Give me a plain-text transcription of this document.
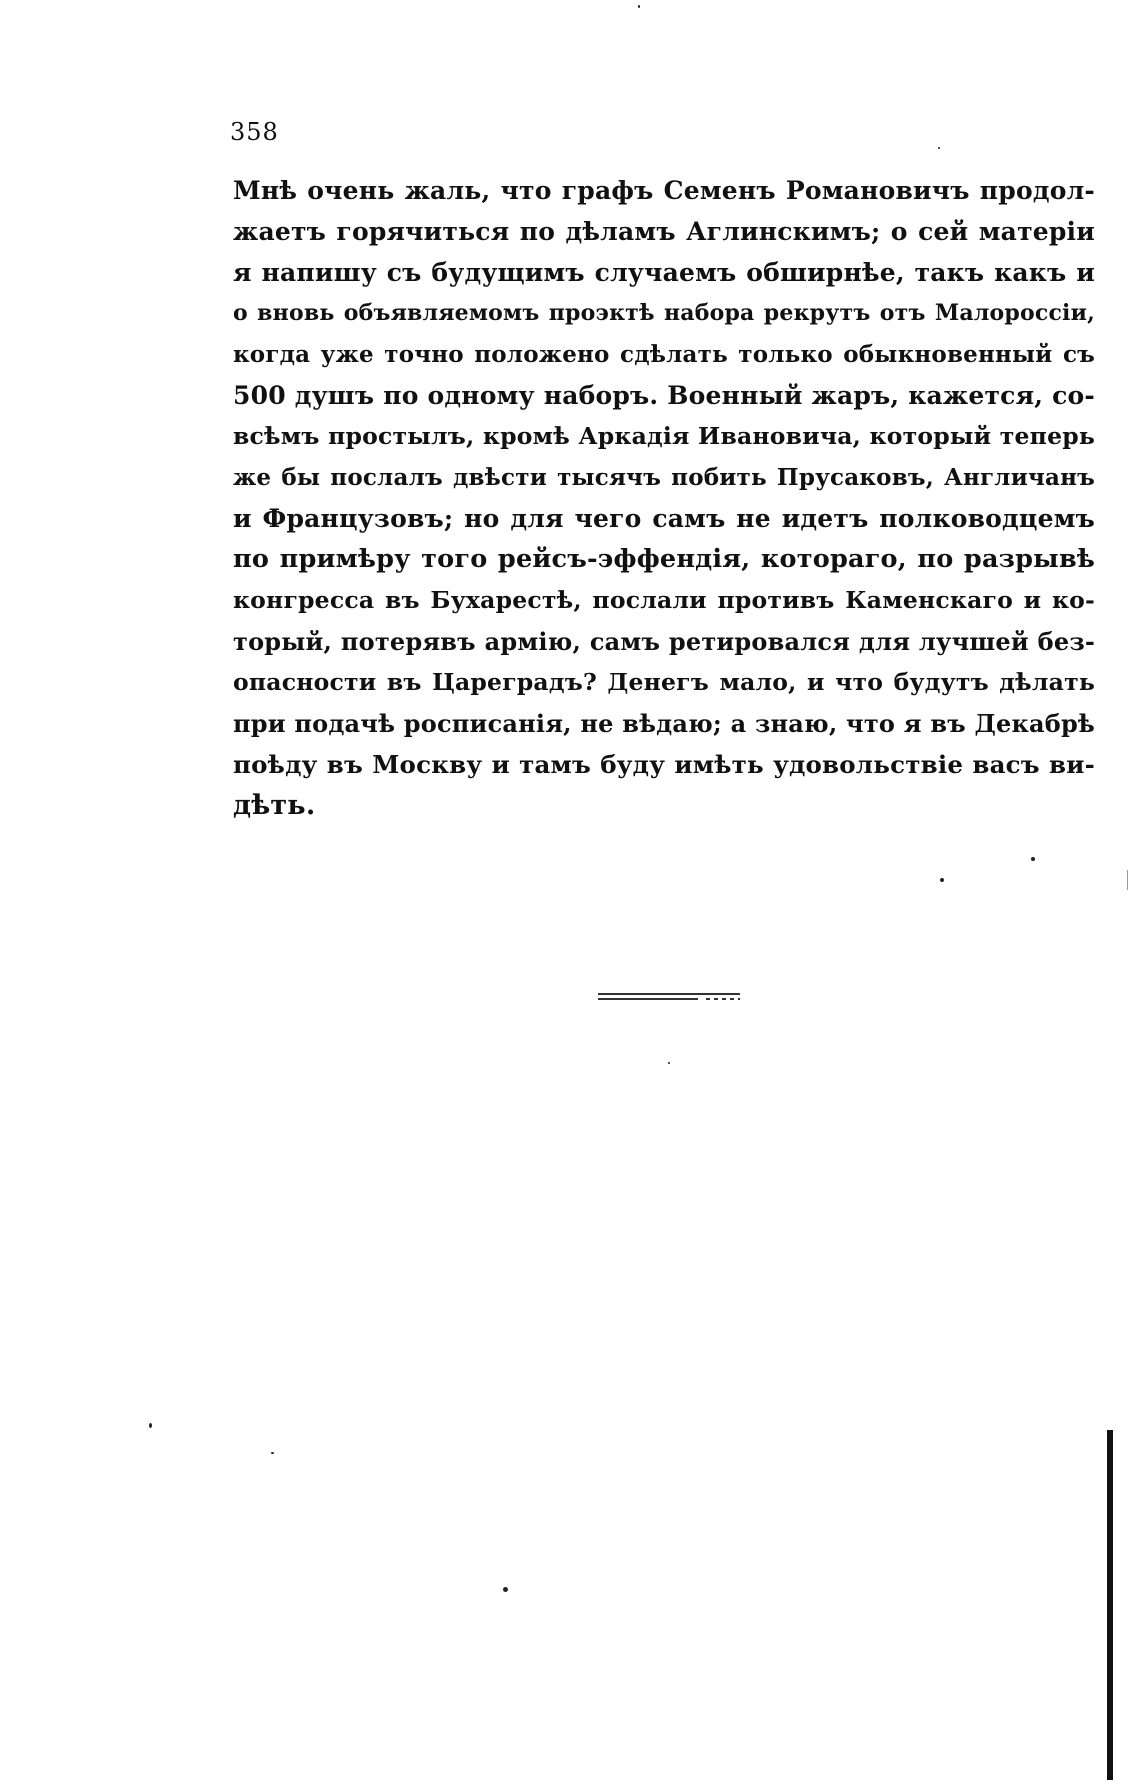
358
Мнѣ очень жаль, что графъ Семенъ Романовичъ продол-
жаетъ горячиться по дѣламъ Аглинскимъ; о сей матеріи
я напишу съ будущимъ случаемъ обширнѣе, такъ какъ и
о вновь объявляемомъ проэктѣ набора рекрутъ отъ Малороссіи,
когда уже точно положено сдѣлать только обыкновенный съ
500 душъ по одному наборъ. Военный жаръ, кажется, со-
всѣмъ простылъ, кромѣ Аркадія Ивановича, который теперь
же бы послалъ двѣсти тысячъ побить Прусаковъ, Англичанъ
и Французовъ; но для чего самъ не идетъ полководцемъ
по примѣру того рейсъ-эффендія, котораго, по разрывѣ
конгресса въ Бухарестѣ, послали противъ Каменскаго и ко-
торый, потерявъ армію, самъ ретировался для лучшей без-
опасности въ Цареградъ? Денегъ мало, и что будутъ дѣлать
при подачѣ росписанія, не вѣдаю; а знаю, что я въ Декабрѣ
поѣду въ Москву и тамъ буду имѣть удовольствіе васъ ви-
дѣть.
